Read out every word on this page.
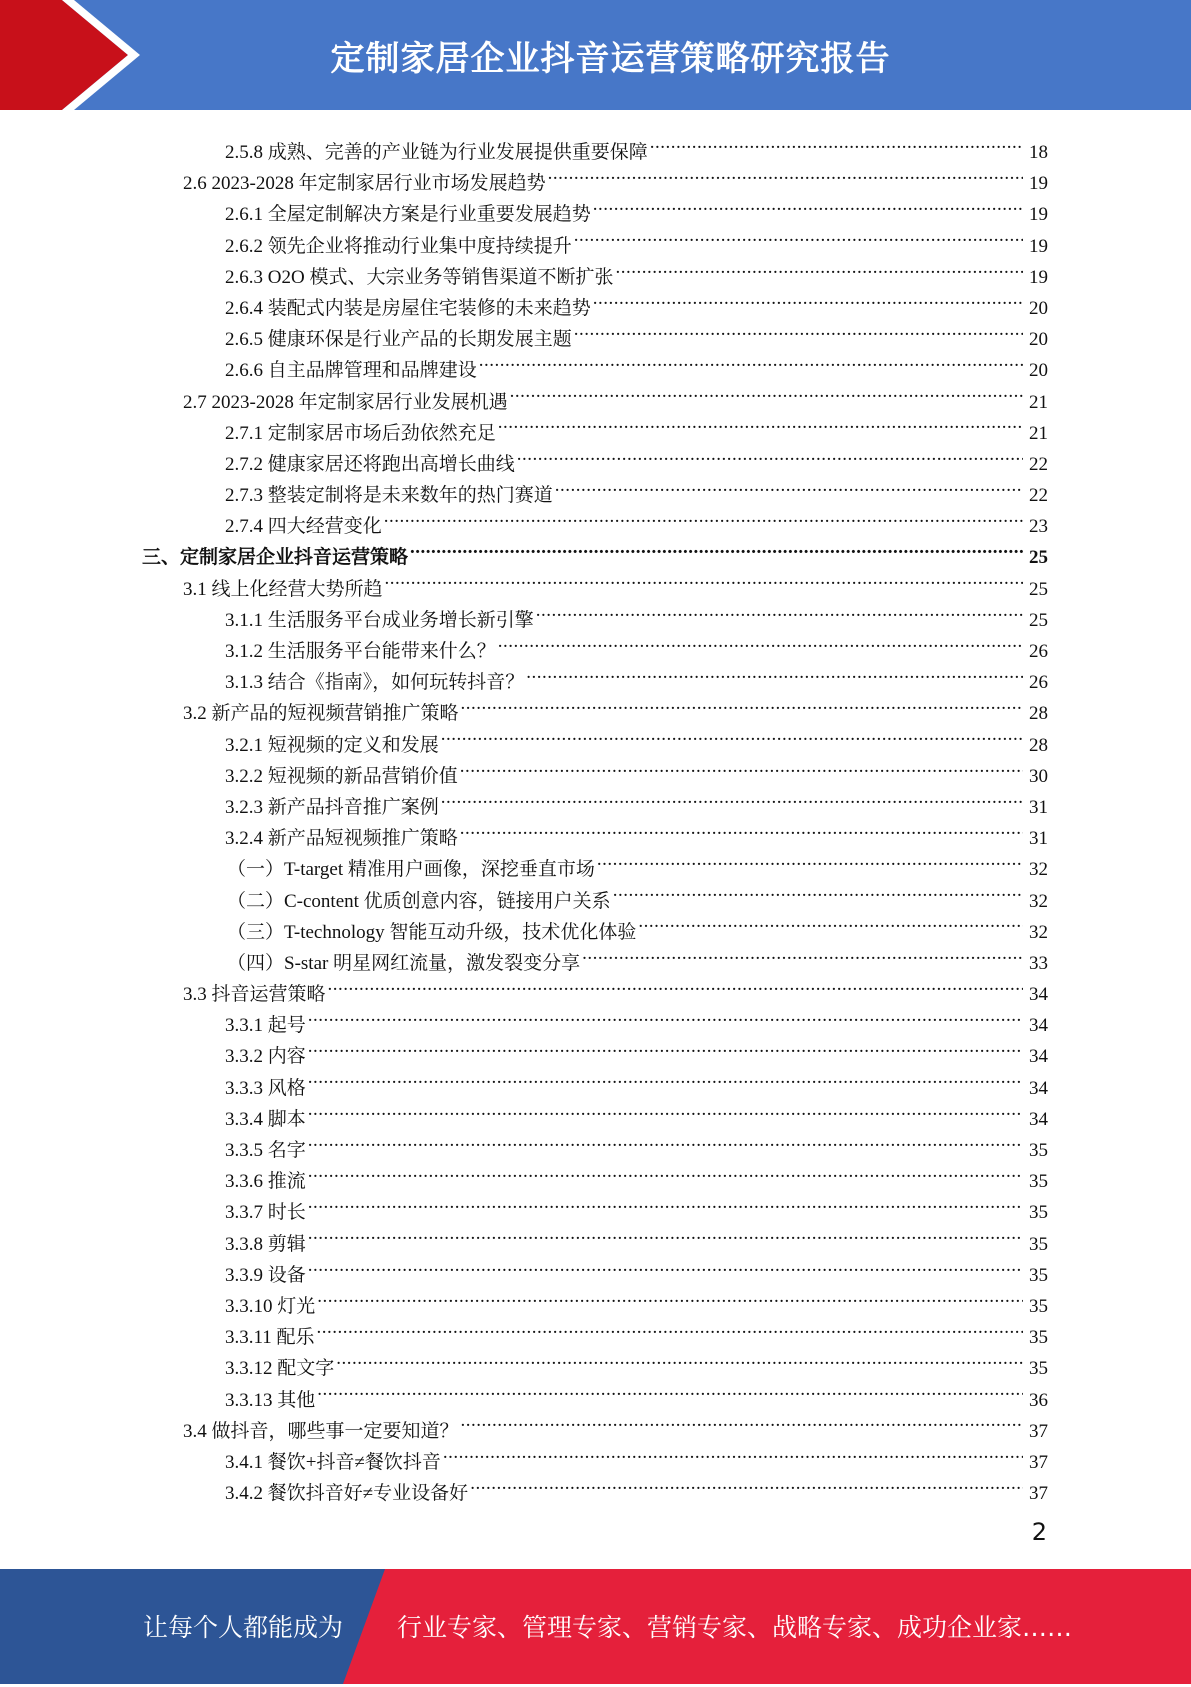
定制家居企业抖音运营策略研究报告
2.5.8 成熟、完善的产业链为行业发展提供重要保障 .....	18
2.6 2023-2028 年定制家居行业市场发展趋势 .....	19
2.6.1 全屋定制解决方案是行业重要发展趋势 .....	19
2.6.2 领先企业将推动行业集中度持续提升 .....	19
2.6.3 O2O 模式、大宗业务等销售渠道不断扩张 .....	19
2.6.4 装配式内装是房屋住宅装修的未来趋势 .....	20
2.6.5 健康环保是行业产品的长期发展主题 .....	20
2.6.6 自主品牌管理和品牌建设 .....	20
2.7 2023-2028 年定制家居行业发展机遇 .....	21
2.7.1 定制家居市场后劲依然充足 .....	21
2.7.2 健康家居还将跑出高增长曲线 .....	22
2.7.3 整装定制将是未来数年的热门赛道 .....	22
2.7.4 四大经营变化 .....	23
三、定制家居企业抖音运营策略 .....	25
3.1 线上化经营大势所趋 .....	25
3.1.1 生活服务平台成业务增长新引擎 .....	25
3.1.2 生活服务平台能带来什么？ .....	26
3.1.3 结合《指南》，如何玩转抖音？ .....	26
3.2 新产品的短视频营销推广策略 .....	28
3.2.1 短视频的定义和发展 .....	28
3.2.2 短视频的新品营销价值 .....	30
3.2.3 新产品抖音推广案例 .....	31
3.2.4 新产品短视频推广策略 .....	31
（一）T-target 精准用户画像，深挖垂直市场 .....	32
（二）C-content 优质创意内容，链接用户关系 .....	32
（三）T-technology 智能互动升级，技术优化体验 .....	32
（四）S-star 明星网红流量，激发裂变分享 .....	33
3.3 抖音运营策略 .....	34
3.3.1 起号 .....	34
3.3.2 内容 .....	34
3.3.3 风格 .....	34
3.3.4 脚本 .....	34
3.3.5 名字 .....	35
3.3.6 推流 .....	35
3.3.7 时长 .....	35
3.3.8 剪辑 .....	35
3.3.9 设备 .....	35
3.3.10 灯光 .....	35
3.3.11 配乐 .....	35
3.3.12 配文字 .....	35
3.3.13 其他 .....	36
3.4 做抖音，哪些事一定要知道？ .....	37
3.4.1 餐饮+抖音≠餐饮抖音 .....	37
3.4.2 餐饮抖音好≠专业设备好 .....	37
2
让每个人都能成为 行业专家、管理专家、营销专家、战略专家、成功企业家……
